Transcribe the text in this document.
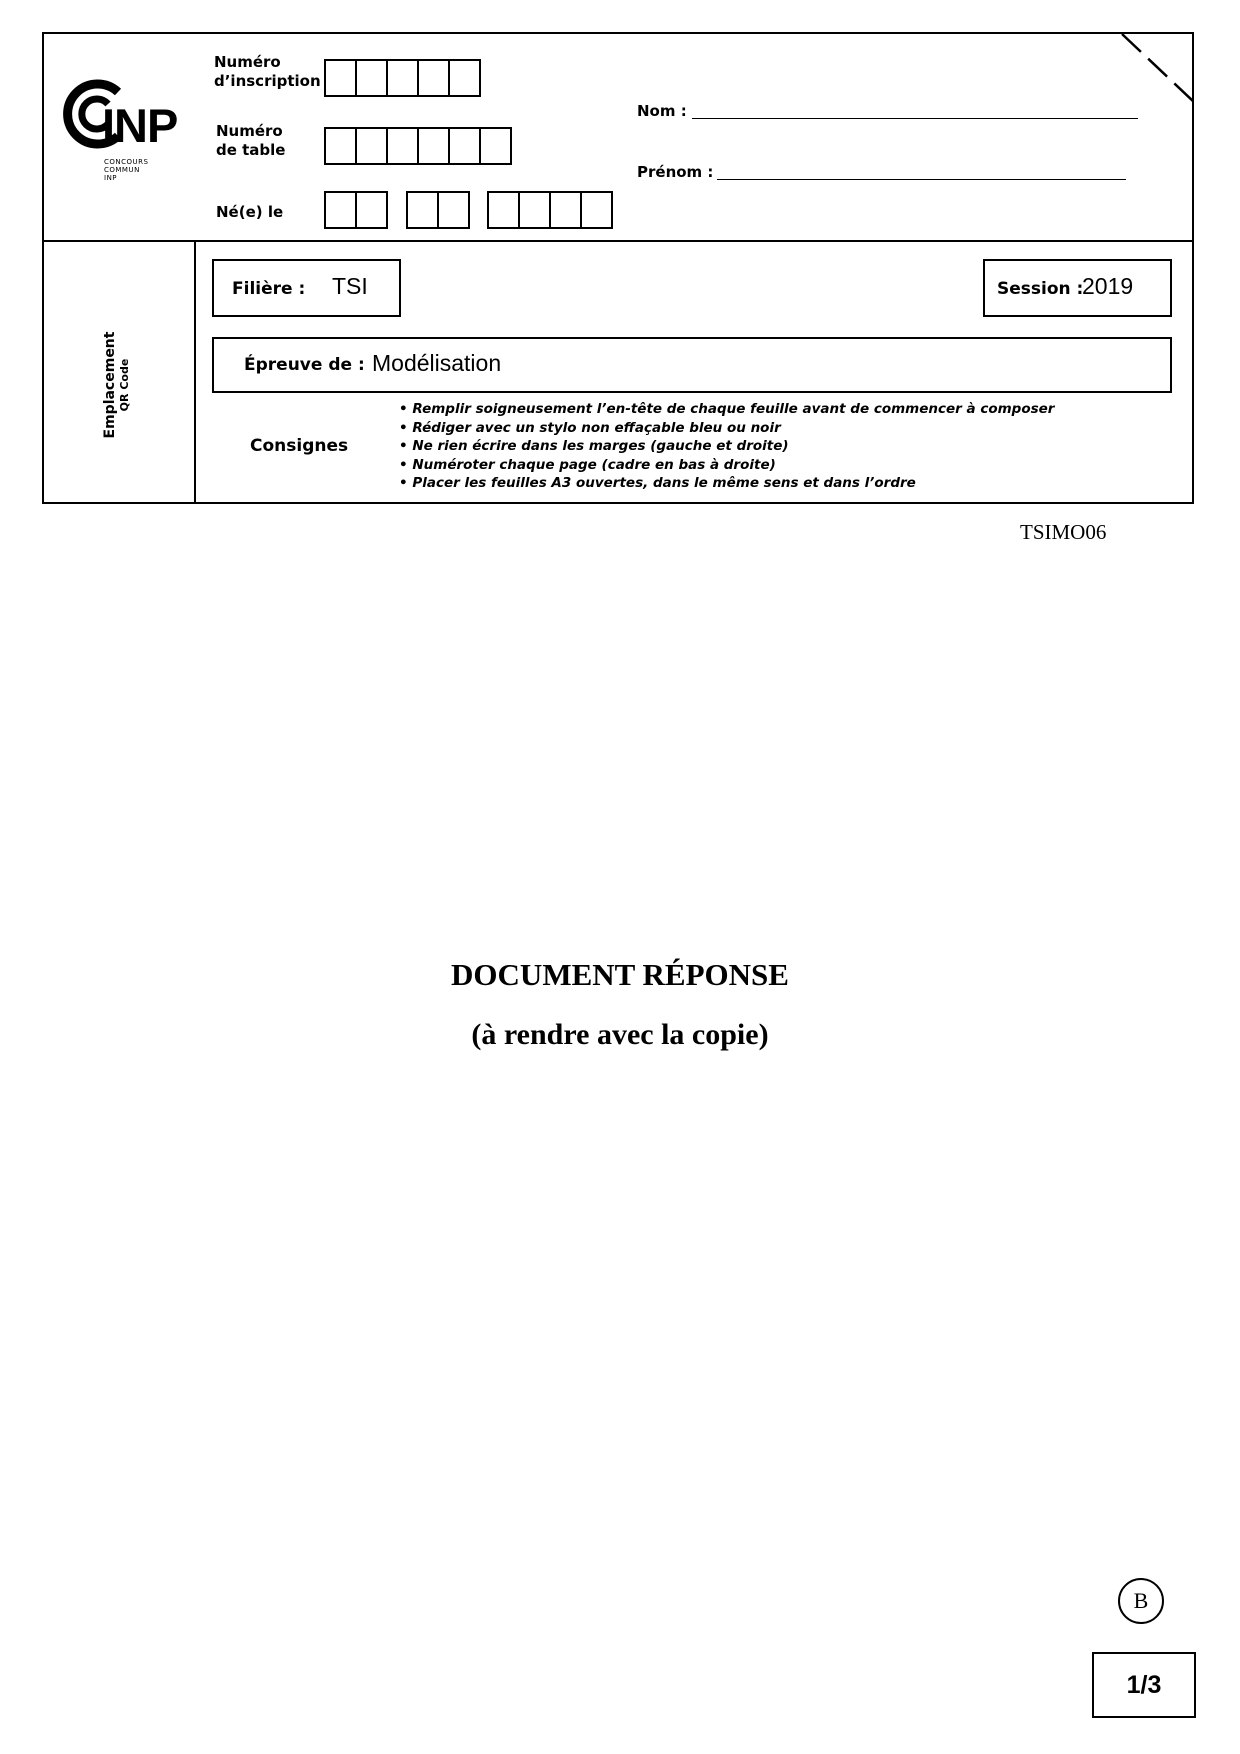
INP
CONCOURS
COMMUN
INP
Numéro
d’inscription
Numéro
de table
Né(e) le
Nom :
Prénom :
Emplacement QR Code
Filière : TSI	Session :
2019
Épreuve de : Modélisation
Consignes
• Remplir soigneusement l’en-tête de chaque feuille avant de commencer à composer
• Rédiger avec un stylo non effaçable bleu ou noir
• Ne rien écrire dans les marges (gauche et droite)
• Numéroter chaque page (cadre en bas à droite)
• Placer les feuilles A3 ouvertes, dans le même sens et dans l’ordre
TSIMO06
DOCUMENT RÉPONSE
(à rendre avec la copie)
B
1/3
